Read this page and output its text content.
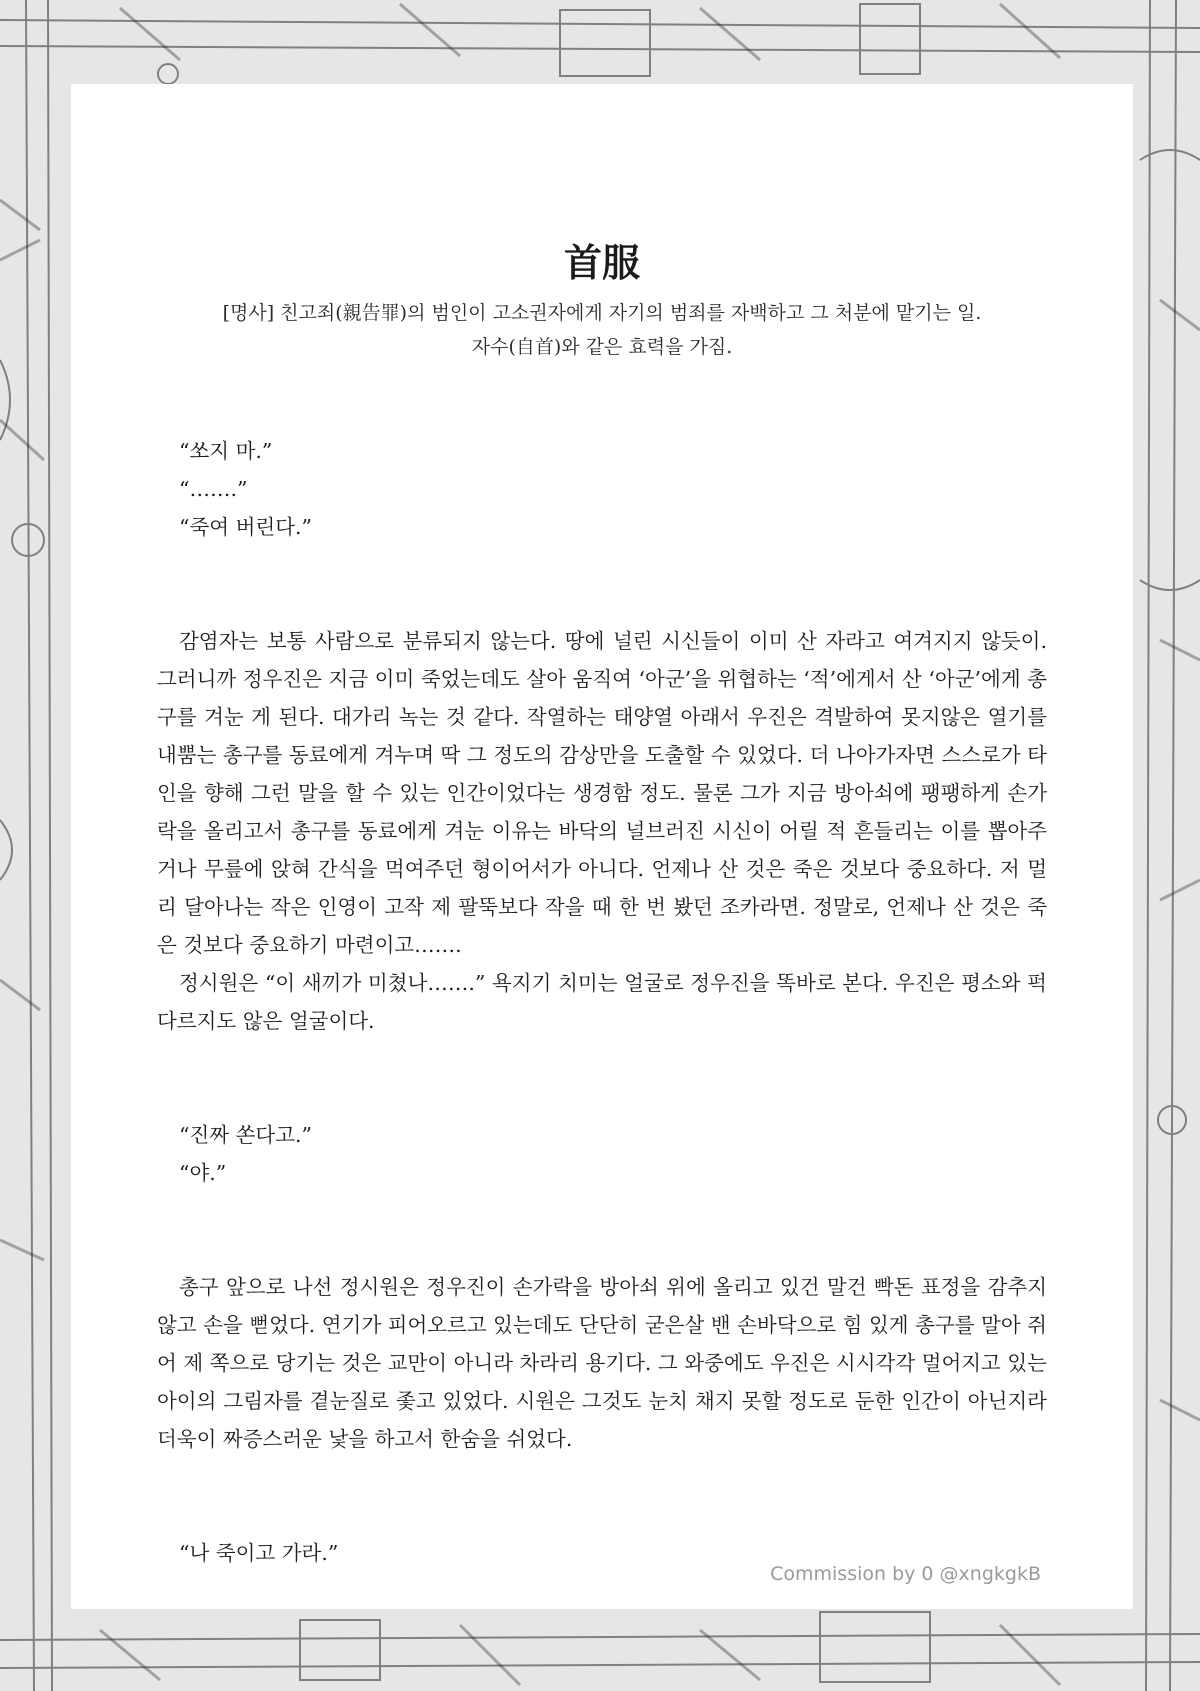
首服
[명사] 친고죄(親告罪)의 범인이 고소권자에게 자기의 범죄를 자백하고 그 처분에 맡기는 일.
자수(自首)와 같은 효력을 가짐.

“쏘지 마.”

“…….”

“죽여 버린다.”

감염자는 보통 사람으로 분류되지 않는다. 땅에 널린 시신들이 이미 산 자라고 여겨지지 않듯이. 그러니까 정우진은 지금 이미 죽었는데도 살아 움직여 ‘아군’을 위협하는 ‘적’에게서 산 ‘아군’에게 총구를 겨눈 게 된다. 대가리 녹는 것 같다. 작열하는 태양열 아래서 우진은 격발하여 못지않은 열기를 내뿜는 총구를 동료에게 겨누며 딱 그 정도의 감상만을 도출할 수 있었다. 더 나아가자면 스스로가 타인을 향해 그런 말을 할 수 있는 인간이었다는 생경함 정도. 물론 그가 지금 방아쇠에 팽팽하게 손가락을 올리고서 총구를 동료에게 겨눈 이유는 바닥의 널브러진 시신이 어릴 적 흔들리는 이를 뽑아주거나 무릎에 앉혀 간식을 먹여주던 형이어서가 아니다. 언제나 산 것은 죽은 것보다 중요하다. 저 멀리 달아나는 작은 인영이 고작 제 팔뚝보다 작을 때 한 번 봤던 조카라면. 정말로, 언제나 산 것은 죽은 것보다 중요하기 마련이고…….

정시원은 “이 새끼가 미쳤나…….” 욕지기 치미는 얼굴로 정우진을 똑바로 본다. 우진은 평소와 퍽 다르지도 않은 얼굴이다.

“진짜 쏜다고.”

“야.”

총구 앞으로 나선 정시원은 정우진이 손가락을 방아쇠 위에 올리고 있건 말건 빡돈 표정을 감추지 않고 손을 뻗었다. 연기가 피어오르고 있는데도 단단히 굳은살 밴 손바닥으로 힘 있게 총구를 말아 쥐어 제 쪽으로 당기는 것은 교만이 아니라 차라리 용기다. 그 와중에도 우진은 시시각각 멀어지고 있는 아이의 그림자를 곁눈질로 좇고 있었다. 시원은 그것도 눈치 채지 못할 정도로 둔한 인간이 아닌지라 더욱이 짜증스러운 낯을 하고서 한숨을 쉬었다.

“나 죽이고 가라.”

Commission by 0 @xngkgkB
